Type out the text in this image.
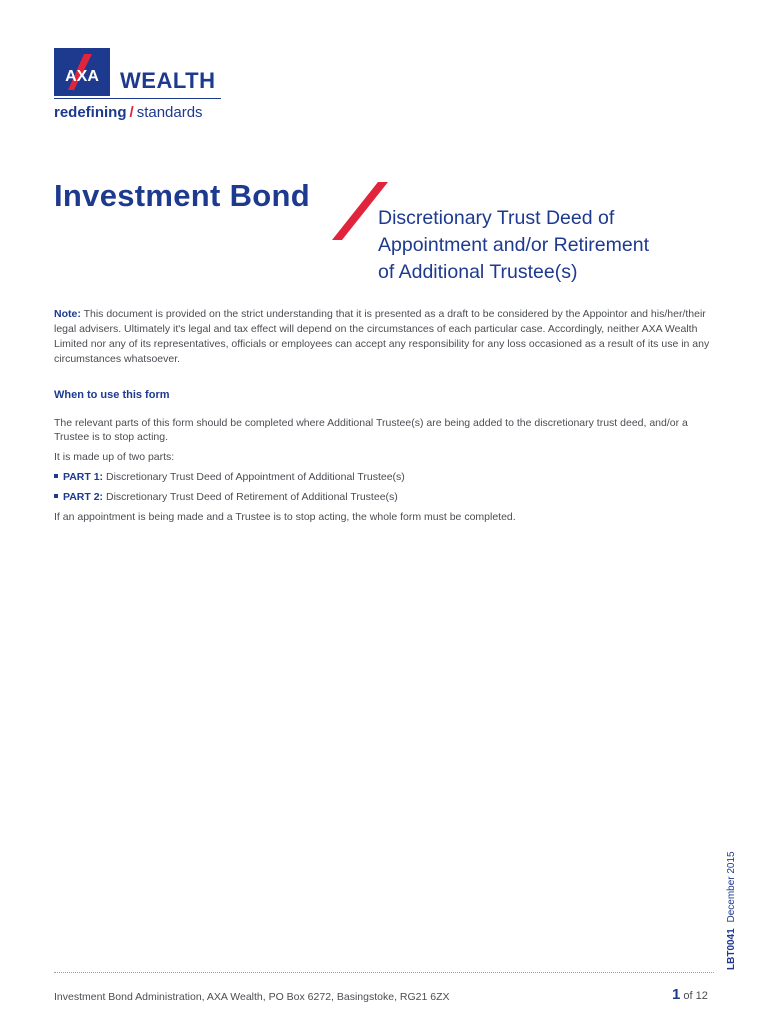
AXA WEALTH
redefining / standards
Investment Bond
Discretionary Trust Deed of
Appointment and/or Retirement
of Additional Trustee(s)
Note: This document is provided on the strict understanding that it is presented as a draft to be considered by the Appointor and his/her/their legal advisers. Ultimately it's legal and tax effect will depend on the circumstances of each particular case. Accordingly, neither AXA Wealth Limited nor any of its representatives, officials or employees can accept any responsibility for any loss occasioned as a result of its use in any circumstances whatsoever.
When to use this form
The relevant parts of this form should be completed where Additional Trustee(s) are being added to the discretionary trust deed, and/or a Trustee is to stop acting.
It is made up of two parts:
PART 1: Discretionary Trust Deed of Appointment of Additional Trustee(s)
PART 2: Discretionary Trust Deed of Retirement of Additional Trustee(s)
If an appointment is being made and a Trustee is to stop acting, the whole form must be completed.
LBT0041 December 2015
Investment Bond Administration, AXA Wealth, PO Box 6272, Basingstoke, RG21 6ZX	1 of 12
